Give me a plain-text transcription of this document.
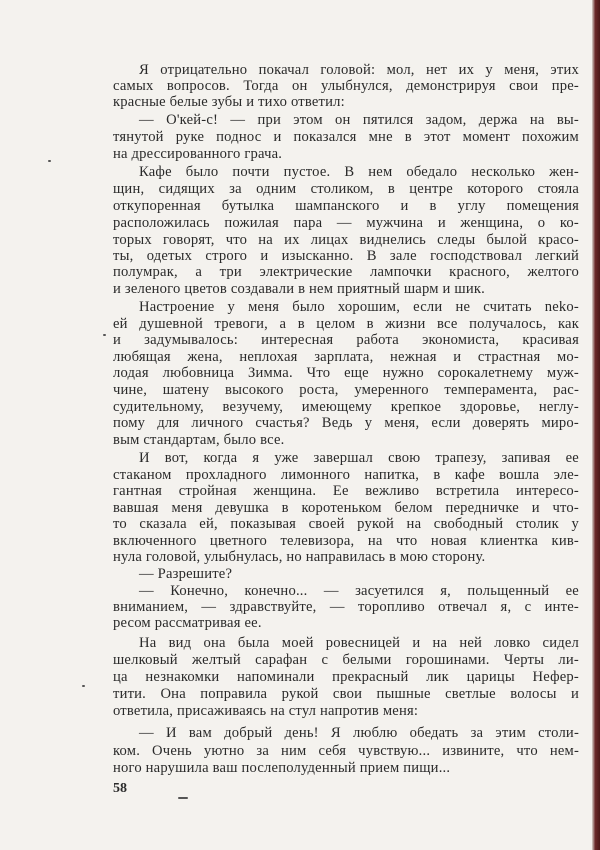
Я отрицательно покачал головой: мол, нет их у меня, этих
самых вопросов. Тогда он улыбнулся, демонстрируя свои пре-
красные белые зубы и тихо ответил:
— О'кей-с! — при этом он пятился задом, держа на вы-
тянутой руке поднос и показался мне в этот момент похожим
на дрессированного грача.
Кафе было почти пустое. В нем обедало несколько жен-
щин, сидящих за одним столиком, в центре которого стояла
откупоренная бутылка шампанского и в углу помещения
расположилась пожилая пара — мужчина и женщина, о ко-
торых говорят, что на их лицах виднелись следы былой красо-
ты, одетых строго и изысканно. В зале господствовал легкий
полумрак, а три электрические лампочки красного, желтого
и зеленого цветов создавали в нем приятный шарм и шик.
Настроение у меня было хорошим, если не считать neko-
ей душевной тревоги, а в целом в жизни все получалось, как
и задумывалось: интересная работа экономиста, красивая
любящая жена, неплохая зарплата, нежная и страстная мо-
лодая любовница Зимма. Что еще нужно сорокалетнему муж-
чине, шатену высокого роста, умеренного темперамента, рас-
судительному, везучему, имеющему крепкое здоровье, неглу-
пому для личного счастья? Ведь у меня, если доверять миро-
вым стандартам, было все.
И вот, когда я уже завершал свою трапезу, запивая ее
стаканом прохладного лимонного напитка, в кафе вошла эле-
гантная стройная женщина. Ее вежливо встретила интересо-
вавшая меня девушка в коротеньком белом передничке и что-
то сказала ей, показывая своей рукой на свободный столик у
включенного цветного телевизора, на что новая клиентка кив-
нула головой, улыбнулась, но направилась в мою сторону.
— Разрешите?
— Конечно, конечно... — засуетился я, польщенный ее
вниманием, — здравствуйте, — торопливо отвечал я, с инте-
ресом рассматривая ее.
На вид она была моей ровесницей и на ней ловко сидел
шелковый желтый сарафан с белыми горошинами. Черты ли-
ца незнакомки напоминали прекрасный лик царицы Нефер-
тити. Она поправила рукой свои пышные светлые волосы и
ответила, присаживаясь на стул напротив меня:
— И вам добрый день! Я люблю обедать за этим столи-
ком. Очень уютно за ним себя чувствую... извините, что нем-
ного нарушила ваш послеполуденный прием пищи...
58
